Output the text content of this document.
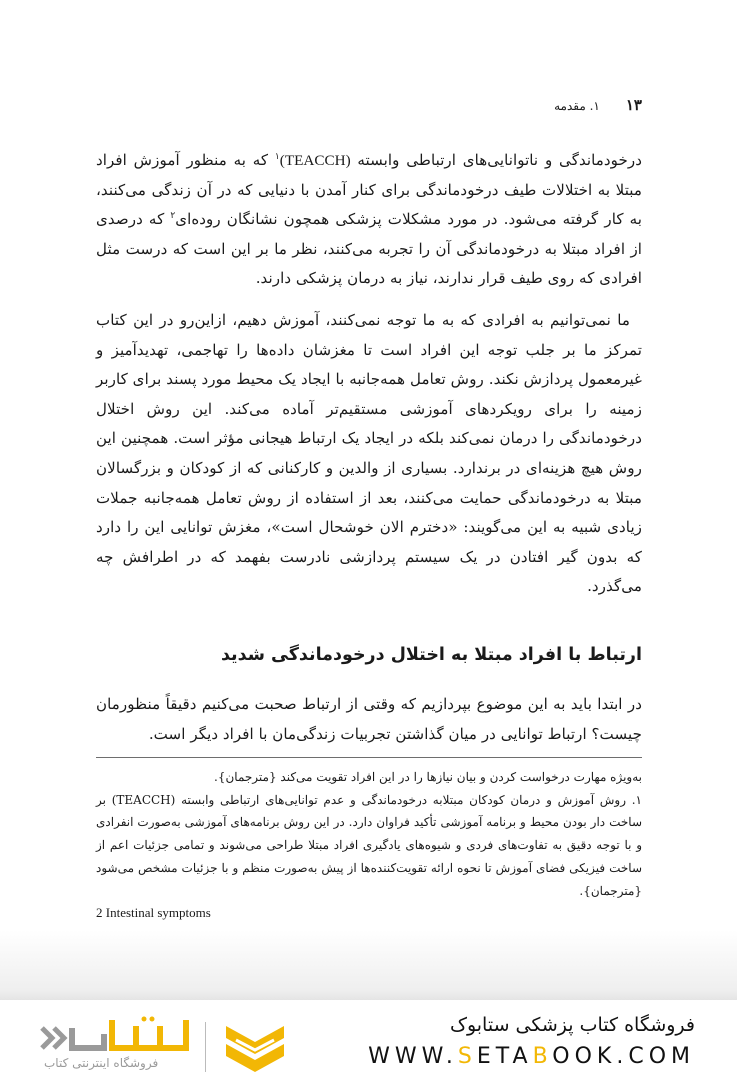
۱۳
۱. مقدمه
درخودماندگی و ناتوانایی‌های ارتباطی وابسته (TEACCH)$^۱$ که به منظور آموزش افراد مبتلا به اختلالات طیف درخودماندگی برای کنار آمدن با دنیایی که در آن زندگی می‌کنند، به کار گرفته می‌شود. در مورد مشکلات پزشکی همچون نشانگان روده‌ای$^۲$ که درصدی از افراد مبتلا به درخودماندگی آن را تجربه می‌کنند، نظر ما بر این است که درست مثل افرادی که روی طیف قرار ندارند، نیاز به درمان پزشکی دارند.
ما نمی‌توانیم به افرادی که به ما توجه نمی‌کنند، آموزش دهیم، ازاین‌رو در این کتاب تمرکز ما بر جلب توجه این افراد است تا مغزشان داده‌ها را تهاجمی، تهدیدآمیز و غیرمعمول پردازش نکند. روش تعامل همه‌جانبه با ایجاد یک محیط مورد پسند برای کاربر زمینه را برای رویکردهای آموزشی مستقیم‌تر آماده می‌کند. این روش اختلال درخودماندگی را درمان نمی‌کند بلکه در ایجاد یک ارتباط هیجانی مؤثر است. همچنین این روش هیچ هزینه‌ای در برندارد. بسیاری از والدین و کارکنانی که از کودکان و بزرگسالان مبتلا به درخودماندگی حمایت می‌کنند، بعد از استفاده از روش تعامل همه‌جانبه جملات زیادی شبیه به این می‌گویند: «دخترم الان خوشحال است»، مغزش توانایی این را دارد که بدون گیر افتادن در یک سیستم پردازشی نادرست بفهمد که در اطرافش چه می‌گذرد.
ارتباط با افراد مبتلا به اختلال درخودماندگی شدید
در ابتدا باید به این موضوع بپردازیم که وقتی از ارتباط صحبت می‌کنیم دقیقاً منظورمان چیست؟ ارتباط توانایی در میان گذاشتن تجربیات زندگی‌مان با افراد دیگر است.

به‌ویژه مهارت درخواست کردن و بیان نیازها را در این افراد تقویت می‌کند {مترجمان}.

۱. روش آموزش و درمان کودکان مبتلابه درخودماندگی و عدم توانایی‌های ارتباطی وابسته (TEACCH) بر ساخت دار بودن محیط و برنامه آموزشی تأکید فراوان دارد. در این روش برنامه‌های آموزشی به‌صورت انفرادی و با توجه دقیق به تفاوت‌های فردی و شیوه‌های یادگیری افراد مبتلا طراحی می‌شوند و تمامی جزئیات اعم از ساخت فیزیکی فضای آموزش تا نحوه ارائه تقویت‌کننده‌ها از پیش به‌صورت منظم و با جزئیات مشخص می‌شود {مترجمان}.

2 Intestinal symptoms

فروشگاه اینترنتی کتاب
فروشگاه کتاب پزشکی ستابوک
WWW.SETABOOK.COM
